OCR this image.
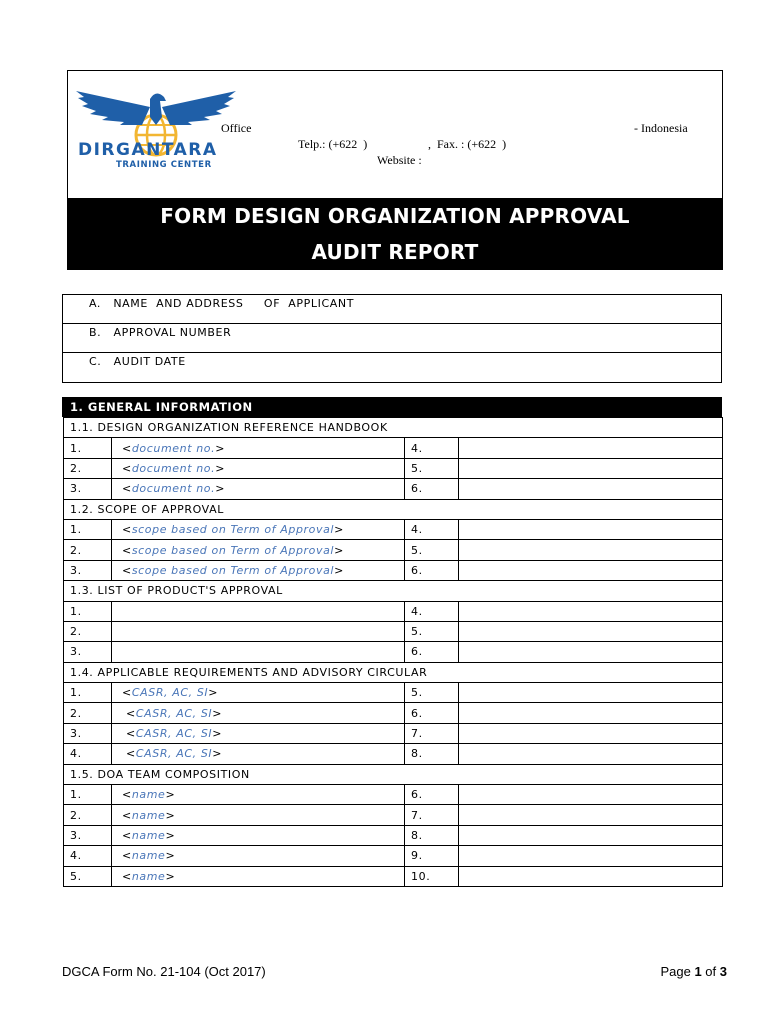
DIRGANTARA
TRAINING CENTER
Office	- Indonesia
Telp.: (+622  )	,  Fax. : (+622  )
Website :
FORM DESIGN ORGANIZATION APPROVAL
AUDIT REPORT
A.   NAME  AND ADDRESS     OF  APPLICANT
B.   APPROVAL NUMBER
C.   AUDIT DATE
1. GENERAL INFORMATION
1.1. DESIGN ORGANIZATION REFERENCE HANDBOOK			
1.	<document no.>	4.	
2.	<document no.>	5.	
3.	<document no.>	6.	
1.2. SCOPE OF APPROVAL			
1.	<scope based on Term of Approval>	4.	
2.	<scope based on Term of Approval>	5.	
3.	<scope based on Term of Approval>	6.	
1.3. LIST OF PRODUCT'S APPROVAL			
1.		4.	
2.		5.	
3.		6.	
1.4. APPLICABLE REQUIREMENTS AND ADVISORY CIRCULAR			
1.	<CASR, AC, SI>	5.	
2.	<CASR, AC, SI>	6.	
3.	<CASR, AC, SI>	7.	
4.	<CASR, AC, SI>	8.	
1.5. DOA TEAM COMPOSITION			
1.	<name>	6.	
2.	<name>	7.	
3.	<name>	8.	
4.	<name>	9.	
5.	<name>	10.	
DGCA Form No. 21-104 (Oct 2017)	Page 1 of 3
